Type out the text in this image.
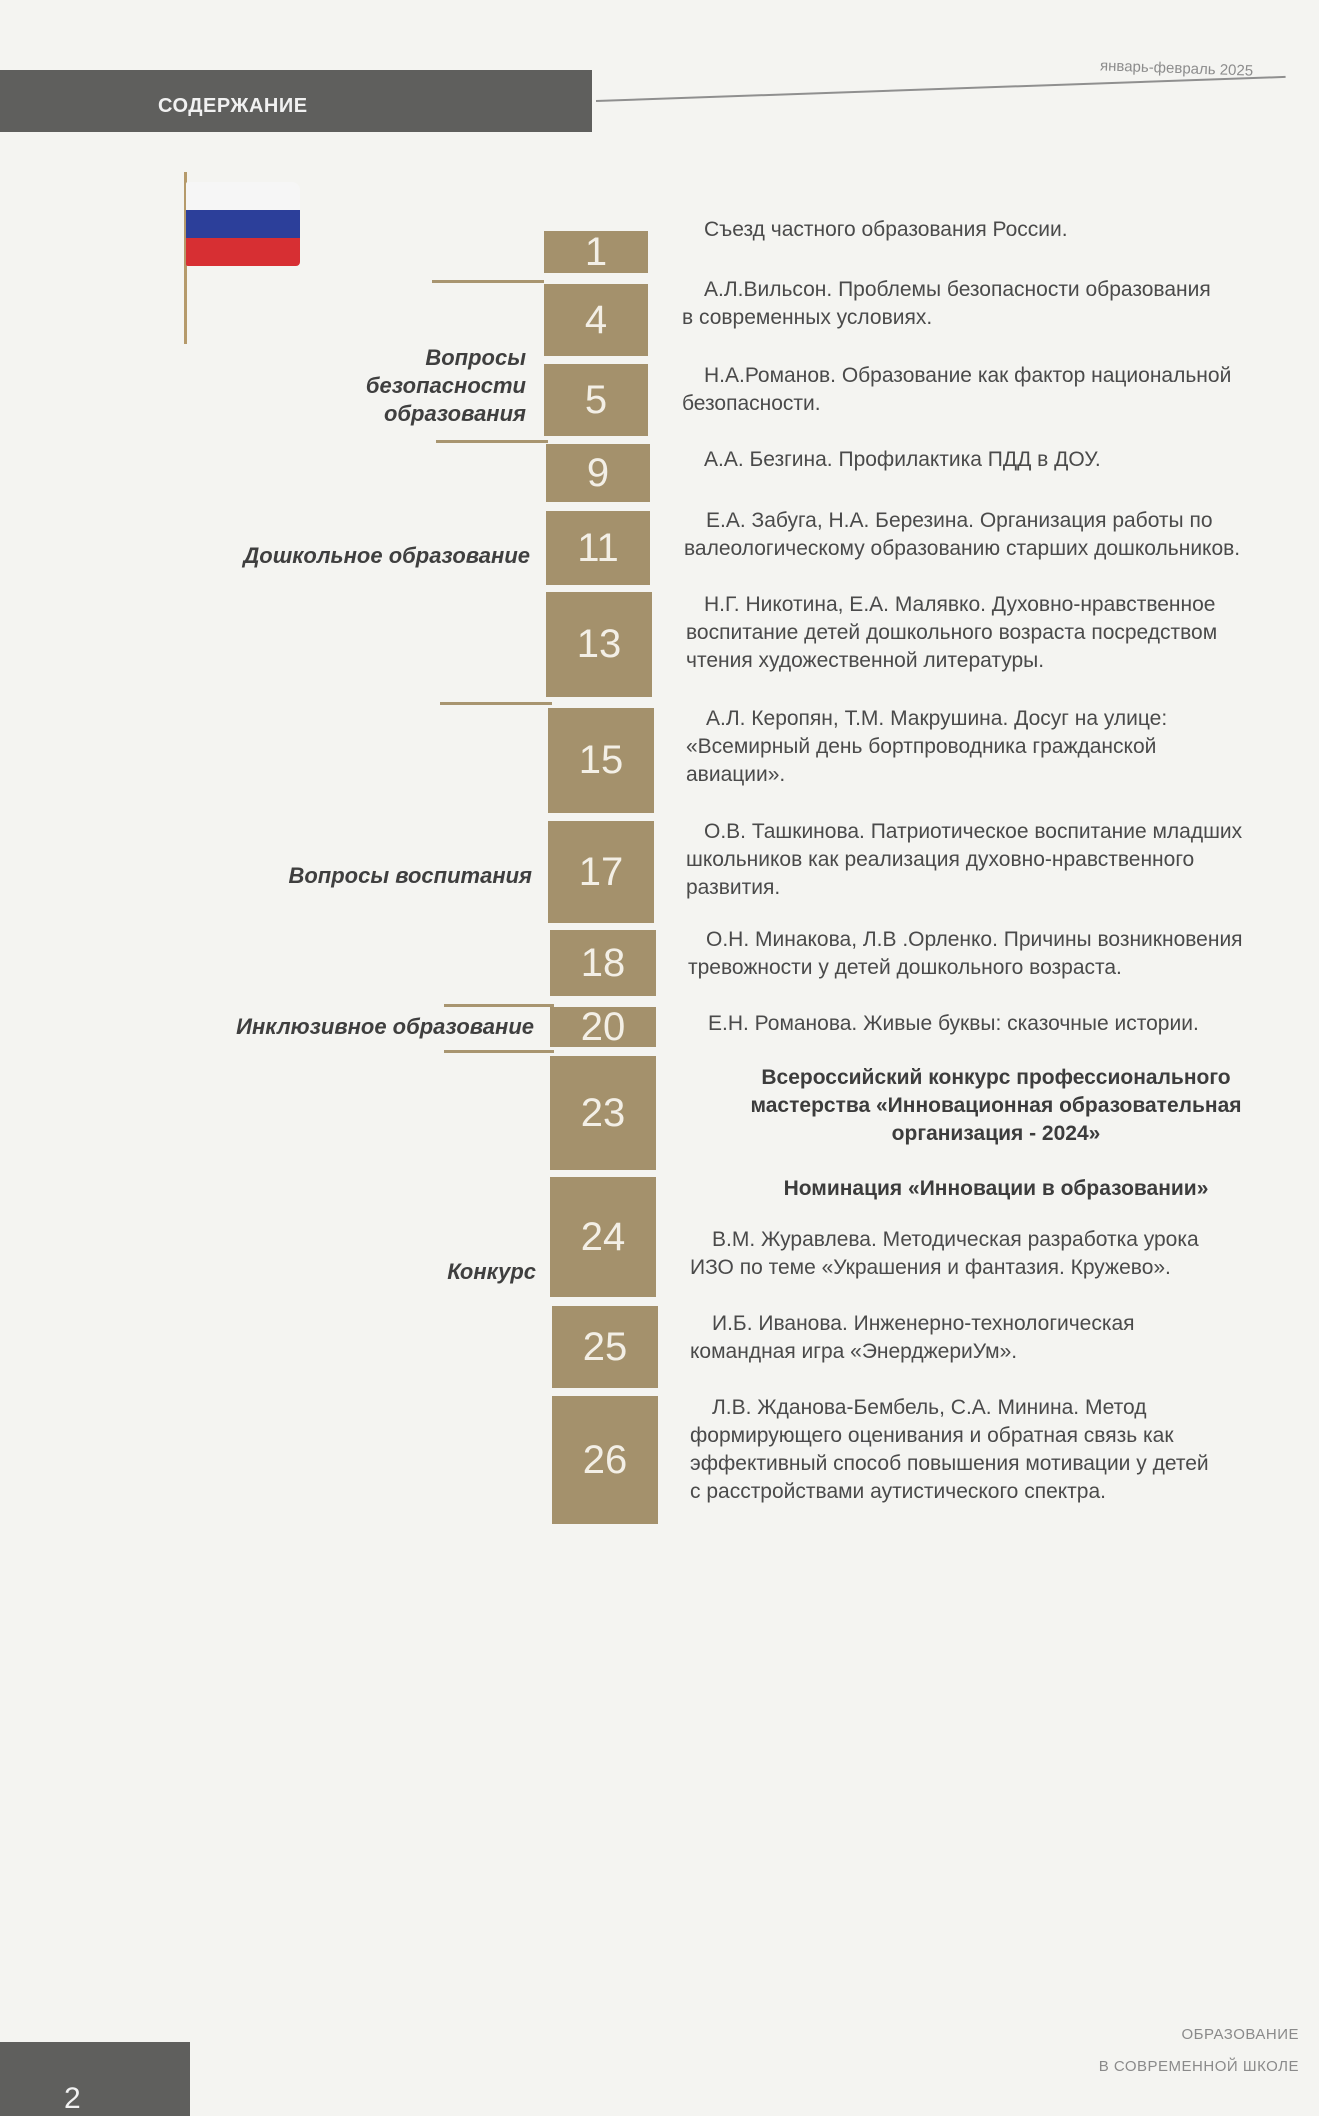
СОДЕРЖАНИЕ
январь-февраль 2025
Вопросы безопасности образования
Дошкольное образование
Вопросы воспитания
Инклюзивное образование
Конкурс
1
4
5
9
11
13
15
17
18
20
23
24
25
26
Съезд частного образования России.
А.Л.Вильсон. Проблемы безопасности образования
в современных условиях.
Н.А.Романов. Образование как фактор национальной
безопасности.
А.А. Безгина. Профилактика ПДД в ДОУ.
Е.А. Забуга, Н.А. Березина. Организация работы по
валеологическому образованию старших дошкольников.
Н.Г. Никотина, Е.А. Малявко. Духовно-нравственное
воспитание детей дошкольного возраста посредством
чтения художественной литературы.
А.Л. Керопян, Т.М. Макрушина. Досуг на улице:
«Всемирный день бортпроводника гражданской
авиации».
О.В. Ташкинова. Патриотическое воспитание младших
школьников как реализация духовно-нравственного
развития.
О.Н. Минакова, Л.В .Орленко. Причины возникновения
тревожности у детей дошкольного возраста.
Е.Н. Романова. Живые буквы: сказочные истории.
Всероссийский конкурс профессионального
мастерства «Инновационная образовательная
организация - 2024»
Номинация «Инновации в образовании»
В.М. Журавлева. Методическая разработка урока
ИЗО по теме «Украшения и фантазия. Кружево».
И.Б. Иванова. Инженерно-технологическая
командная игра «ЭнерджериУм».
Л.В. Жданова-Бембель, С.А. Минина. Метод
формирующего оценивания и обратная связь как
эффективный способ повышения мотивации у детей
с расстройствами аутистического спектра.
2
ОБРАЗОВАНИЕ
В СОВРЕМЕННОЙ ШКОЛЕ
